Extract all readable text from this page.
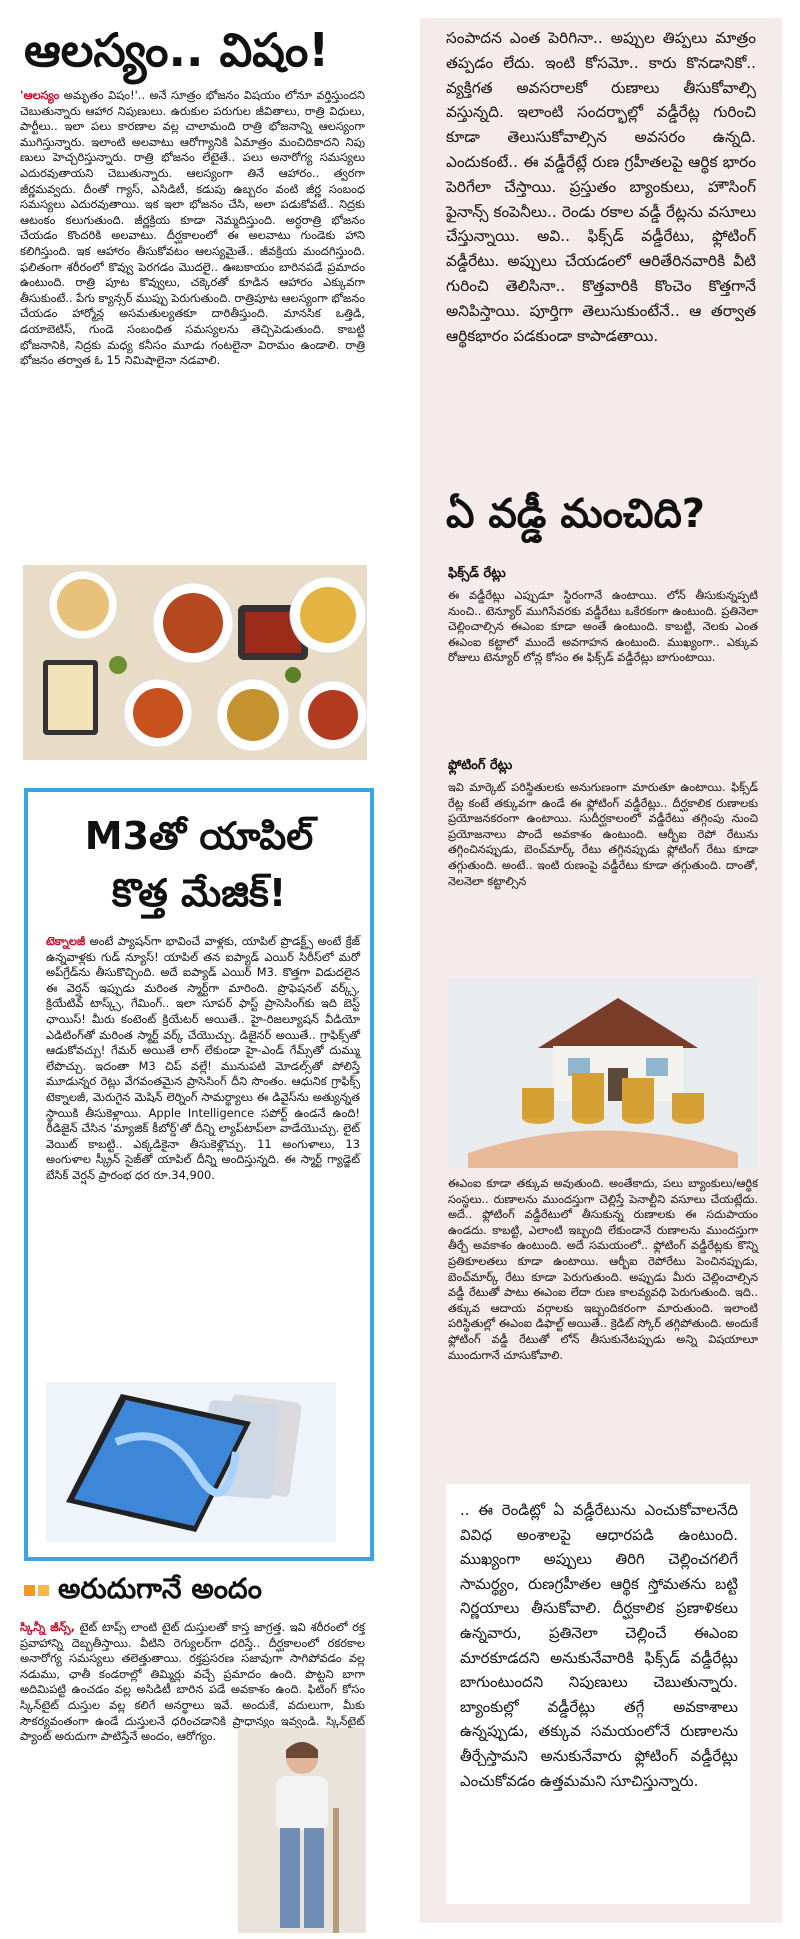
ఆలస్యం.. విషం!

'ఆలస్యం అమృతం విషం!'.. అనే సూత్రం భోజనం విషయం లోనూ వర్తిస్తుందని చెబుతున్నారు ఆహార నిపుణులు. ఉరుకుల పరుగుల జీవితాలు, రాత్రి విధులు, పార్టీలు.. ఇలా పలు కారణాల వల్ల చాలామంది రాత్రి భోజనాన్ని ఆలస్యంగా ముగిస్తున్నారు. ఇలాంటి అలవాటు ఆరోగ్యానికి ఏమాత్రం మంచిదికాదని నిపు ణులు హెచ్చరిస్తున్నారు. రాత్రి భోజనం లేటైతే.. పలు అనారోగ్య సమస్యలు ఎదురవుతాయని చెబుతున్నారు. ఆలస్యంగా తినే ఆహారం.. త్వరగా జీర్ణమవ్వదు. దీంతో గ్యాస్, ఎసిడిటీ, కడుపు ఉబ్బరం వంటి జీర్ణ సంబంధ సమస్యలు ఎదురవుతాయి. ఇక ఇలా భోజనం చేసి, అలా పడుకోవటే.. నిద్రకు ఆటంకం కలుగుతుంది. జీర్ణక్రియ కూడా నెమ్మదిస్తుంది. అర్ధరాత్రి భోజనం చేయడం కొందరికి అలవాటు. దీర్ఘకాలంలో ఈ అలవాటు గుండెకు హాని కలిగిస్తుంది. ఇక ఆహారం తీసుకోవటం ఆలస్యమైతే.. జీవక్రియ మందగిస్తుంది. ఫలితంగా శరీరంలో కొవ్వు పెరగడం మొదలై.. ఊబకాయం బారినపడే ప్రమాదం ఉంటుంది. రాత్రి పూట కొవ్వులు, చక్కెరతో కూడిన ఆహారం ఎక్కువగా తీసుకుంటే.. పేగు క్యాన్సర్ ముప్పు పెరుగుతుంది. రాత్రిపూట ఆలస్యంగా భోజనం చేయడం హార్మోన్ల అసమతుల్యతకూ దారితీస్తుంది. మానసిక ఒత్తిడి, డయాబెటిస్, గుండె సంబంధిత సమస్యలను తెచ్చిపెడుతుంది. కాబట్టి భోజనానికి, నిద్రకు మధ్య కనీసం మూడు గంటలైనా విరామం ఉండాలి. రాత్రి భోజనం తర్వాత ఓ 15 నిమిషాలైనా నడవాలి.

M3తో యాపిల్
కొత్త మేజిక్!

టెక్నాలజీ అంటే ప్యాషన్‌గా భావించే వాళ్లకు, యాపిల్ ప్రొడక్ట్స్ అంటే క్రేజ్ ఉన్నవాళ్లకు గుడ్ న్యూస్! యాపిల్ తన ఐప్యాడ్ ఎయిర్ సిరీస్‌లో మరో అప్‌గ్రేడ్‌ను తీసుకొచ్చింది. అదే ఐప్యాడ్ ఎయిర్ M3. కొత్తగా విడుదలైన ఈ వెర్షన్ ఇప్పుడు మరింత స్మార్ట్‌గా మారింది. ప్రొఫెషనల్ వర్క్స్, క్రియేటివ్ టాస్క్స్, గేమింగ్.. ఇలా సూపర్ ఫాస్ట్ ప్రాసెసింగ్‌కు ఇది బెస్ట్ ఛాయిస్! మీరు కంటెంట్ క్రియేటర్ అయితే.. హై-రిజల్యూషన్ వీడియో ఎడిటింగ్‌తో మరింత స్మార్ట్ వర్క్ చేయొచ్చు. డిజైనర్ అయితే.. గ్రాఫిక్స్‌తో ఆడుకోవచ్చు! గేమర్ అయితే లాగ్ లేకుండా హై-ఎండ్ గేమ్స్‌తో దుమ్ము లేపొచ్చు. ఇదంతా M3 చిప్ వల్లే! మునుపటి మోడల్స్‌తో పోలిస్తే మూడున్నర రెట్లు వేగవంతమైన ప్రాసెసింగ్ దీని సొంతం. ఆధునిక గ్రాఫిక్స్ టెక్నాలజీ, మెరుగైన మెషిన్ లెర్నింగ్ సామర్థ్యాలు ఈ డివైస్‌ను అత్యున్నత స్థాయికి తీసుకెళ్లాయి. Apple Intelligence సపోర్ట్ ఉండనే ఉంది! రీడిజైన్ చేసిన 'మ్యాజిక్ కీబోర్డ్'తో దీన్ని ల్యాప్‌టాప్‌లా వాడేయొచ్చు. లైట్ వెయిట్ కాబట్టి.. ఎక్కడికైనా తీసుకెళ్లొచ్చు. 11 అంగుళాలు, 13 అంగుళాల స్క్రీన్ సైజ్‌తో యాపిల్ దీన్ని అందిస్తున్నది. ఈ స్మార్ట్ గ్యాడ్జెట్ బేసిక్ వెర్షన్ ప్రారంభ ధర రూ.34,900.

అరుదుగానే అందం

స్కిన్నీ జీన్స్, టైట్ టాప్స్ లాంటి టైట్ దుస్తులతో కాస్త జాగ్రత్త. ఇవి శరీరంలో రక్త ప్రవాహాన్ని దెబ్బతీస్తాయి. వీటిని రెగ్యులర్‌గా ధరిస్తే.. దీర్ఘకాలంలో రకరకాల అనారోగ్య సమస్యలు తలెత్తుతాయి. రక్తప్రసరణ సజావుగా సాగిపోవడం వల్ల నడుము, ఛాతీ కండరాల్లో తిమ్మిర్లు వచ్చే ప్రమాదం ఉంది. పొట్టని బాగా అదిమిపట్టి ఉంచడం వల్ల అసిడిటీ బారిన పడే అవకాశం ఉంది. ఫిటింగ్ కోసం స్కిన్‌టైట్ దుస్తుల వల్ల కలిగే అనర్థాలు ఇవే. అందుకే, వదులుగా, మీకు సౌకర్యవంతంగా ఉండే దుస్తులనే ధరించడానికి ప్రాధాన్యం ఇవ్వండి. స్కిన్‌టైట్ ప్యాంట్ అరుదుగా పాటిస్తేనే అందం, ఆరోగ్యం.

సంపాదన ఎంత పెరిగినా.. అప్పుల తిప్పలు మాత్రం తప్పడం లేదు. ఇంటి కోసమో.. కారు కొనడానికో.. వ్యక్తిగత అవసరాలకో రుణాలు తీసుకోవాల్సి వస్తున్నది. ఇలాంటి సందర్భాల్లో వడ్డీరేట్ల గురించి కూడా తెలుసుకోవాల్సిన అవసరం ఉన్నది. ఎందుకంటే.. ఈ వడ్డీరేట్లే రుణ గ్రహీతలపై ఆర్థిక భారం పెరిగేలా చేస్తాయి. ప్రస్తుతం బ్యాంకులు, హౌసింగ్ ఫైనాన్స్ కంపెనీలు.. రెండు రకాల వడ్డీ రేట్లను వసూలు చేస్తున్నాయి. అవి.. ఫిక్స్‌డ్ వడ్డీరేటు, ఫ్లోటింగ్ వడ్డీరేటు. అప్పులు చేయడంలో ఆరితేరినవారికి వీటి గురించి తెలిసినా.. కొత్తవారికి కొంచెం కొత్తగానే అనిపిస్తాయి. పూర్తిగా తెలుసుకుంటేనే.. ఆ తర్వాత ఆర్థికభారం పడకుండా కాపాడతాయి.

ఏ వడ్డీ మంచిది?
ఫిక్స్‌డ్ రేట్లు

ఈ వడ్డీరేట్లు ఎప్పుడూ స్థిరంగానే ఉంటాయి. లోన్ తీసుకున్నప్పటి నుంచి.. టెన్యూర్ ముగిసేవరకు వడ్డీరేటు ఒకేరకంగా ఉంటుంది. ప్రతినెలా చెల్లించాల్సిన ఈఎంఐ కూడా అంతే ఉంటుంది. కాబట్టి, నెలకు ఎంత ఈఎంఐ కట్టాలో ముందే అవగాహన ఉంటుంది. ముఖ్యంగా.. ఎక్కువ రోజులు టెన్యూర్ లోన్ల కోసం ఈ ఫిక్స్‌డ్ వడ్డీరేట్లు బాగుంటాయి.

ఫ్లోటింగ్ రేట్లు

ఇవి మార్కెట్ పరిస్థితులకు అనుగుణంగా మారుతూ ఉంటాయి. ఫిక్స్‌డ్ రేట్ల కంటే తక్కువగా ఉండే ఈ ఫ్లోటింగ్ వడ్డీరేట్లు.. దీర్ఘకాలిక రుణాలకు ప్రయోజనకరంగా ఉంటాయి. సుదీర్ఘకాలంలో వడ్డీరేటు తగ్గింపు నుంచి ప్రయోజనాలు పొందే అవకాశం ఉంటుంది. ఆర్బీఐ రెపో రేటును తగ్గించినప్పుడు, బెంచ్‌మార్క్ రేటు తగ్గినప్పుడు ఫ్లోటింగ్ రేటు కూడా తగ్గుతుంది. అంటే.. ఇంటి రుణంపై వడ్డీరేటు కూడా తగ్గుతుంది. దాంతో, నెలనెలా కట్టాల్సిన

ఈఎంఐ కూడా తక్కువ అవుతుంది. అంతేకాదు, పలు బ్యాంకులు/ఆర్థిక సంస్థలు.. రుణాలను ముందస్తుగా చెల్లిస్తే పెనాల్టీని వసూలు చేయట్లేదు. అదే.. ఫ్లోటింగ్ వడ్డీరేటులో తీసుకున్న రుణాలకు ఈ సదుపాయం ఉండదు. కాబట్టి, ఎలాంటి ఇబ్బంది లేకుండానే రుణాలను ముందస్తుగా తీర్చే అవకాశం ఉంటుంది. అదే సమయంలో.. ఫ్లోటింగ్ వడ్డీరేట్లకు కొన్ని ప్రతికూలతలు కూడా ఉంటాయి. ఆర్బీఐ రెపోరేటు పెంచినప్పుడు, బెంచ్‌మార్క్ రేటు కూడా పెరుగుతుంది. అప్పుడు మీరు చెల్లించాల్సిన వడ్డీ రేటుతో పాటు ఈఎంఐ లేదా రుణ కాలవ్యవధి పెరుగుతుంది. ఇది.. తక్కువ ఆదాయ వర్గాలకు ఇబ్బందికరంగా మారుతుంది. ఇలాంటి పరిస్థితుల్లో ఈఎంఐ డిఫాల్ట్ అయితే.. క్రెడిట్ స్కోర్ తగ్గిపోతుంది. అందుకే ఫ్లోటింగ్ వడ్డీ రేటుతో లోన్ తీసుకునేటప్పుడు అన్ని విషయాలూ ముందుగానే చూసుకోవాలి.

.. ఈ రెండిట్లో ఏ వడ్డీరేటును ఎంచుకోవాలనేది వివిధ అంశాలపై ఆధారపడి ఉంటుంది. ముఖ్యంగా అప్పులు తిరిగి చెల్లించగలిగే సామర్థ్యం, రుణగ్రహీతల ఆర్థిక స్తోమతను బట్టి నిర్ణయాలు తీసుకోవాలి. దీర్ఘకాలిక ప్రణాళికలు ఉన్నవారు, ప్రతినెలా చెల్లించే ఈఎంఐ మారకూడదని అనుకునేవారికి ఫిక్స్‌డ్ వడ్డీరేట్లు బాగుంటుందని నిపుణులు చెబుతున్నారు. బ్యాంకుల్లో వడ్డీరేట్లు తగ్గే అవకాశాలు ఉన్నప్పుడు, తక్కువ సమయంలోనే రుణాలను తీర్చేస్తామని అనుకునేవారు ఫ్లోటింగ్ వడ్డీరేట్లు ఎంచుకోవడం ఉత్తమమని సూచిస్తున్నారు.
